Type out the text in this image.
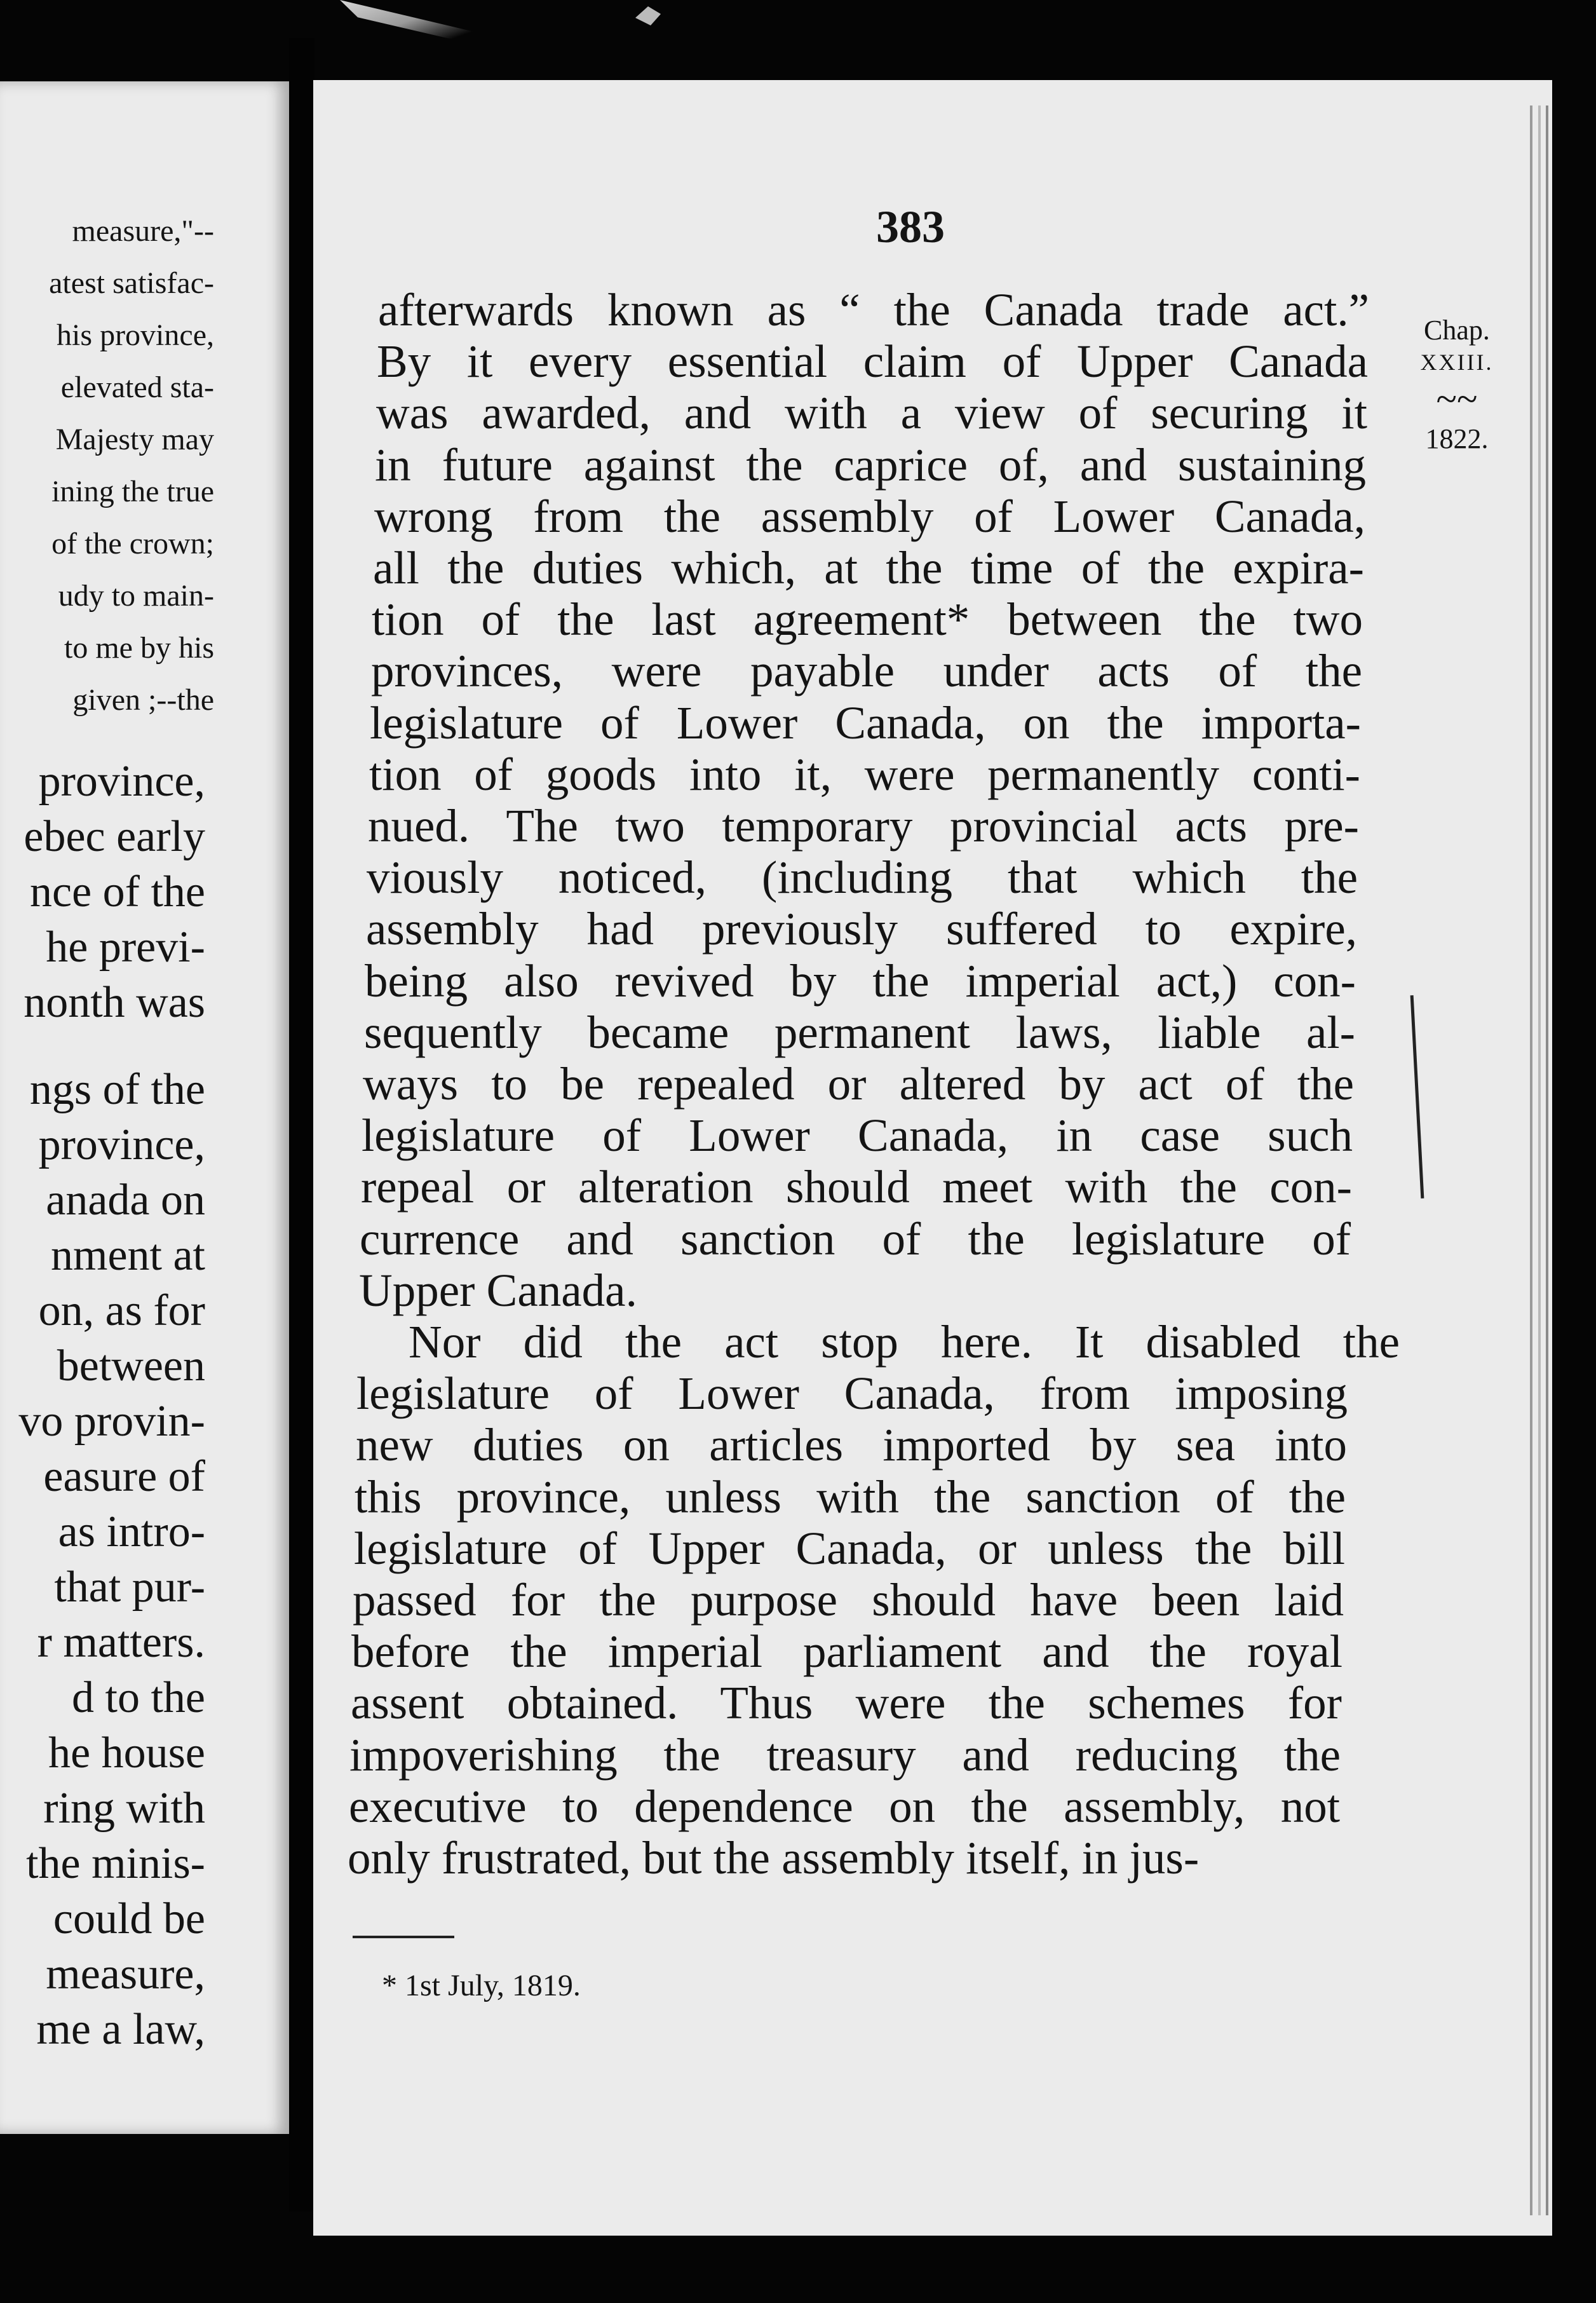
measure,"--
atest satisfac-
his province,
elevated sta-
Majesty may
ining the true
of the crown;
udy to main-
to me by his
given ;--the
province,
ebec early
nce of the
he previ-
nonth was
ngs of the
province,
anada on
nment at
on, as for
between
vo provin-
easure of
as intro-
that pur-
r matters.
d to the
he house
ring with
the minis-
could be
measure,
me a law,
383
afterwards known as “ the Canada trade act.”
By it every essential claim of Upper Canada
was awarded, and with a view of securing it
in future against the caprice of, and sustaining
wrong from the assembly of Lower Canada,
all the duties which, at the time of the expira-
tion of the last agreement* between the two
provinces, were payable under acts of the
legislature of Lower Canada, on the importa-
tion of goods into it, were permanently conti-
nued. The two temporary provincial acts pre-
viously noticed, (including that which the
assembly had previously suffered to expire,
being also revived by the imperial act,) con-
sequently became permanent laws, liable al-
ways to be repealed or altered by act of the
legislature of Lower Canada, in case such
repeal or alteration should meet with the con-
currence and sanction of the legislature of
Upper Canada.
Nor did the act stop here. It disabled the
legislature of Lower Canada, from imposing
new duties on articles imported by sea into
this province, unless with the sanction of the
legislature of Upper Canada, or unless the bill
passed for the purpose should have been laid
before the imperial parliament and the royal
assent obtained. Thus were the schemes for
impoverishing the treasury and reducing the
executive to dependence on the assembly, not
only frustrated, but the assembly itself, in jus-
Chap.
XXIII.
~~
1822.
* 1st July, 1819.
